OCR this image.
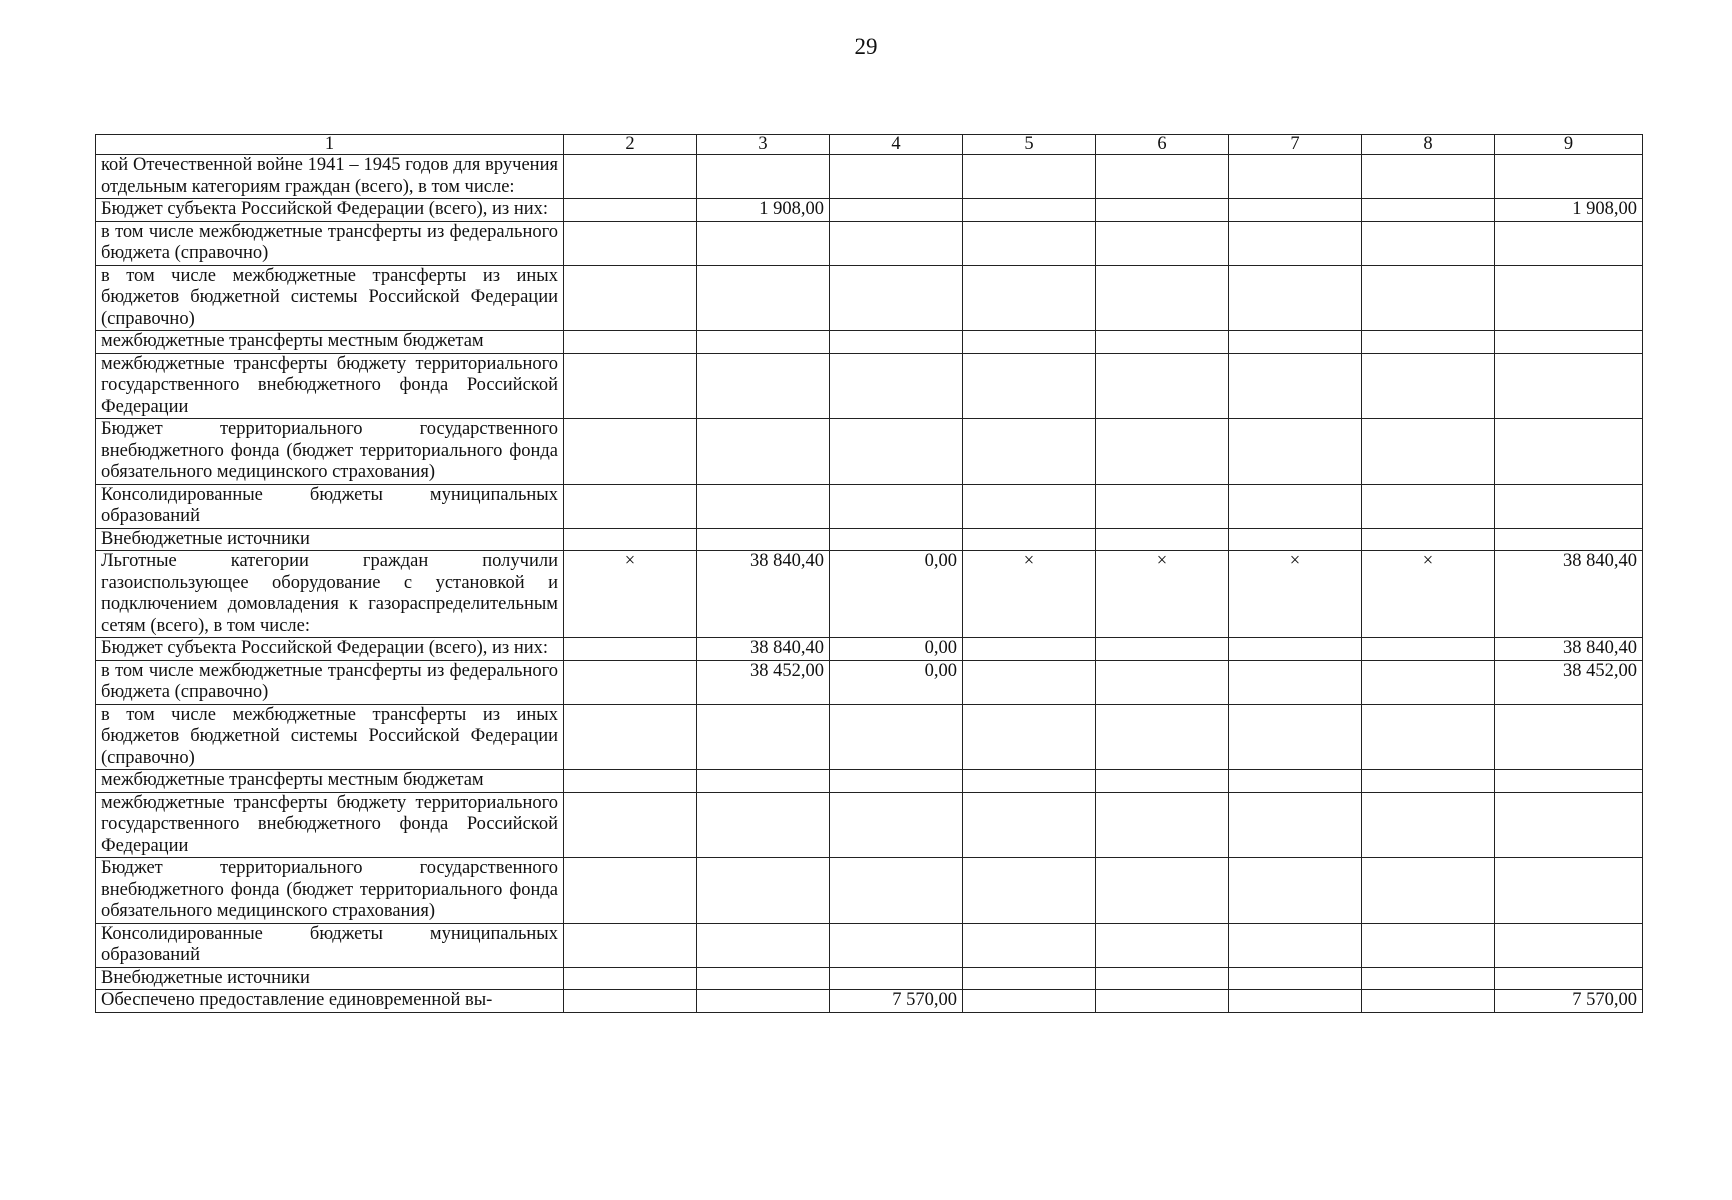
29
1	2	3	4	5	6	7	8	9
кой Отечественной войне 1941 – 1945 годов для вручения отдельным категориям граждан (всего), в том числе:								
Бюджет субъекта Российской Федерации (всего), из них:		1 908,00						1 908,00
в том числе межбюджетные трансферты из федерального бюджета (справочно)								
в том числе межбюджетные трансферты из иных бюджетов бюджетной системы Российской Федерации (справочно)								
межбюджетные трансферты местным бюджетам								
межбюджетные трансферты бюджету территориального государственного внебюджетного фонда Российской Федерации								
Бюджет территориального государственного внебюджетного фонда (бюджет территориального фонда обязательного медицинского страхования)								
Консолидированные бюджеты муниципальных образований								
Внебюджетные источники								
Льготные категории граждан получили газоиспользующее оборудование с установкой и подключением домовладения к газораспределительным сетям (всего), в том числе:	×	38 840,40	0,00	×	×	×	×	38 840,40
Бюджет субъекта Российской Федерации (всего), из них:		38 840,40	0,00					38 840,40
в том числе межбюджетные трансферты из федерального бюджета (справочно)		38 452,00	0,00					38 452,00
в том числе межбюджетные трансферты из иных бюджетов бюджетной системы Российской Федерации (справочно)								
межбюджетные трансферты местным бюджетам								
межбюджетные трансферты бюджету территориального государственного внебюджетного фонда Российской Федерации								
Бюджет территориального государственного внебюджетного фонда (бюджет территориального фонда обязательного медицинского страхования)								
Консолидированные бюджеты муниципальных образований								
Внебюджетные источники								
Обеспечено предоставление единовременной вы-			7 570,00					7 570,00
